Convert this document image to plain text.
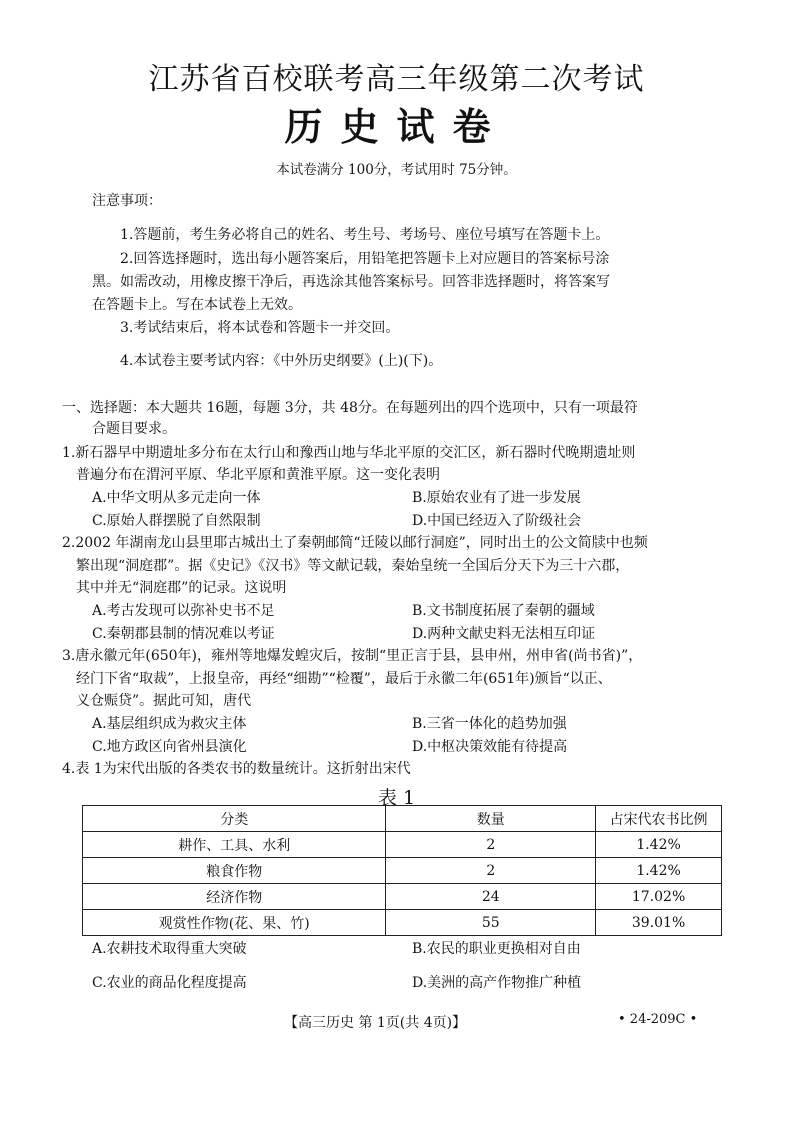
江苏省百校联考高三年级第二次考试
历史试卷
本试卷满分 100分，考试用时 75分钟。
注意事项：
1.答题前，考生务必将自己的姓名、考生号、考场号、座位号填写在答题卡上。
2.回答选择题时，选出每小题答案后，用铅笔把答题卡上对应题目的答案标号涂
黑。如需改动，用橡皮擦干净后，再选涂其他答案标号。回答非选择题时，将答案写
在答题卡上。写在本试卷上无效。
3.考试结束后，将本试卷和答题卡一并交回。
4.本试卷主要考试内容：《中外历史纲要》(上)(下)。
一、选择题：本大题共 16题，每题 3分，共 48分。在每题列出的四个选项中，只有一项最符
合题目要求。
1.新石器早中期遗址多分布在太行山和豫西山地与华北平原的交汇区，新石器时代晚期遗址则
普遍分布在渭河平原、华北平原和黄淮平原。这一变化表明
A.中华文明从多元走向一体	B.原始农业有了进一步发展
C.原始人群摆脱了自然限制	D.中国已经迈入了阶级社会
2.2002 年湖南龙山县里耶古城出土了秦朝邮简“迁陵以邮行洞庭”，同时出土的公文简牍中也频
繁出现“洞庭郡”。据《史记》《汉书》等文献记载，秦始皇统一全国后分天下为三十六郡，
其中并无“洞庭郡”的记录。这说明
A.考古发现可以弥补史书不足	B.文书制度拓展了秦朝的疆域
C.秦朝郡县制的情况难以考证	D.两种文献史料无法相互印证
3.唐永徽元年(650年)，雍州等地爆发蝗灾后，按制“里正言于县，县申州，州申省(尚书省)”，
经门下省“取裁”，上报皇帝，再经“细勘”“检覆”，最后于永徽二年(651年)颁旨“以正、
义仓赈贷”。据此可知，唐代
A.基层组织成为救灾主体	B.三省一体化的趋势加强
C.地方政区向省州县演化	D.中枢决策效能有待提高
4.表 1为宋代出版的各类农书的数量统计。这折射出宋代
表 1
分类	数量	占宋代农书比例
耕作、工具、水利	2	1.42%
粮食作物	2	1.42%
经济作物	24	17.02%
观赏性作物(花、果、竹)	55	39.01%
A.农耕技术取得重大突破	B.农民的职业更换相对自由
C.农业的商品化程度提高	D.美洲的高产作物推广种植
【高三历史 第 1页(共 4页)】	• 24-209C •
